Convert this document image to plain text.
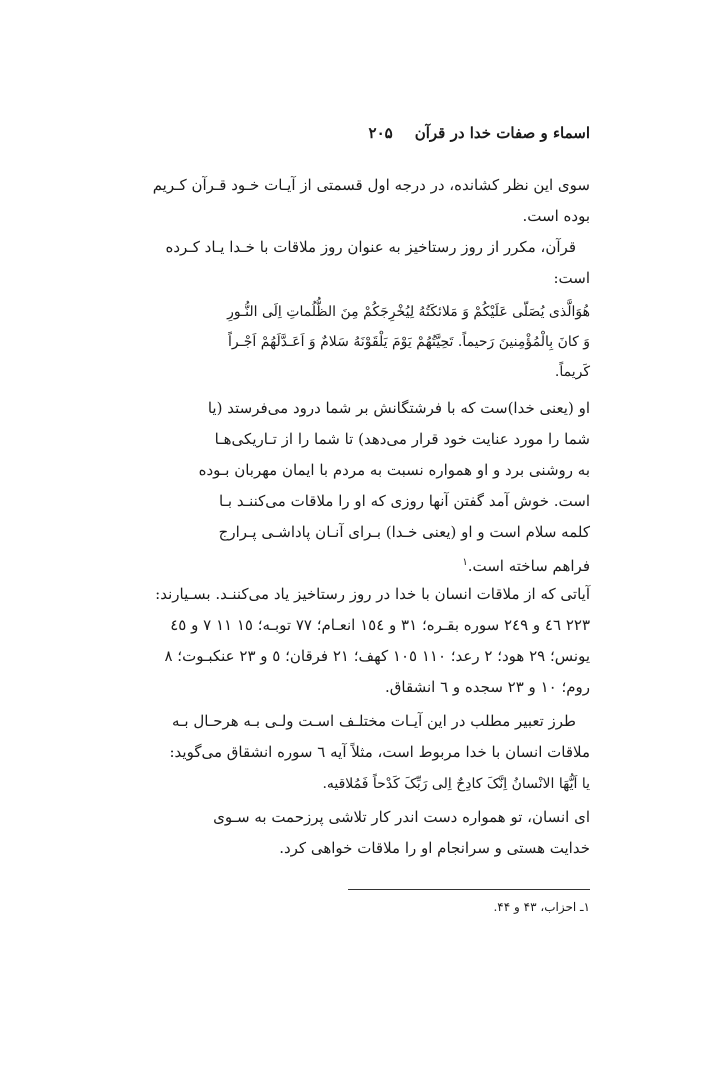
اسماء و صفات خدا در قرآن
۲۰۵
سوی این نظر کشانده، در درجه اول قسمتی از آیـات خـود قـرآن کـریم
بوده است.
قرآن، مکرر از روز رستاخیز به عنوان روز ملاقات با خـدا یـاد کـرده
است:
هُوَالَّذی یُصَلّی عَلَیْکُمْ وَ مَلائکَتُهُ لِیُخْرِجَکُمْ مِنَ الظُّلُماتِ اِلَی النُّـورِ
وَ کانَ بِالْمُؤْمِنینَ رَحیماً. تَحِیَّتُهُمْ یَوْمَ یَلْقَوْنَهُ سَلامٌ وَ اَعَـدَّلَهُمْ اَجْـراً
کَریماً.
او (یعنی خدا)ست که با فرشتگانش بر شما درود می‌فرستد (یا
شما را مورد عنایت خود قرار می‌دهد) تا شما را از تـاریکی‌هـا
به روشنی برد و او همواره نسبت به مردم با ایمان مهربان بـوده
است. خوش آمد گفتن آنها روزی که او را ملاقات می‌کننـد بـا
کلمه سلام است و او (یعنی خـدا) بـرای آنـان پاداشـی پـرارج
فراهم ساخته است.$^۱$
آیاتی که از ملاقات انسان با خدا در روز رستاخیز یاد می‌کننـد. بسـیارند:
۲۲۳ ٤٦ و ۲٤۹ سوره بقـره؛ ۳۱ و ۱٥٤ انعـام؛ ۷۷ توبـه؛ ۱٥ ۱۱ ۷ و ٤٥
یونس؛ ۲۹ هود؛ ۲ رعد؛ ۱۱۰ ۱۰٥ کهف؛ ۲۱ فرقان؛ ٥ و ۲۳ عنکبـوت؛ ۸
روم؛ ۱۰ و ۲۳ سجده و ٦ انشقاق.
طرز تعبیر مطلب در این آیـات مختلـف اسـت ولـی بـه هرحـال بـه
ملاقات انسان با خدا مربوط است، مثلاً آیه ٦ سوره انشقاق می‌گوید:
یا اَیُّهَا الانْسانُ اِنَّکَ کادِحٌ اِلی رَبِّکَ کَدْحاً فَمُلاقیه.
ای انسان، تو همواره دست اندر کار تلاشی پرزحمت به سـوی
خدایت هستی و سرانجام او را ملاقات خواهی کرد.
۱ـ احزاب، ۴۳ و ۴۴.
